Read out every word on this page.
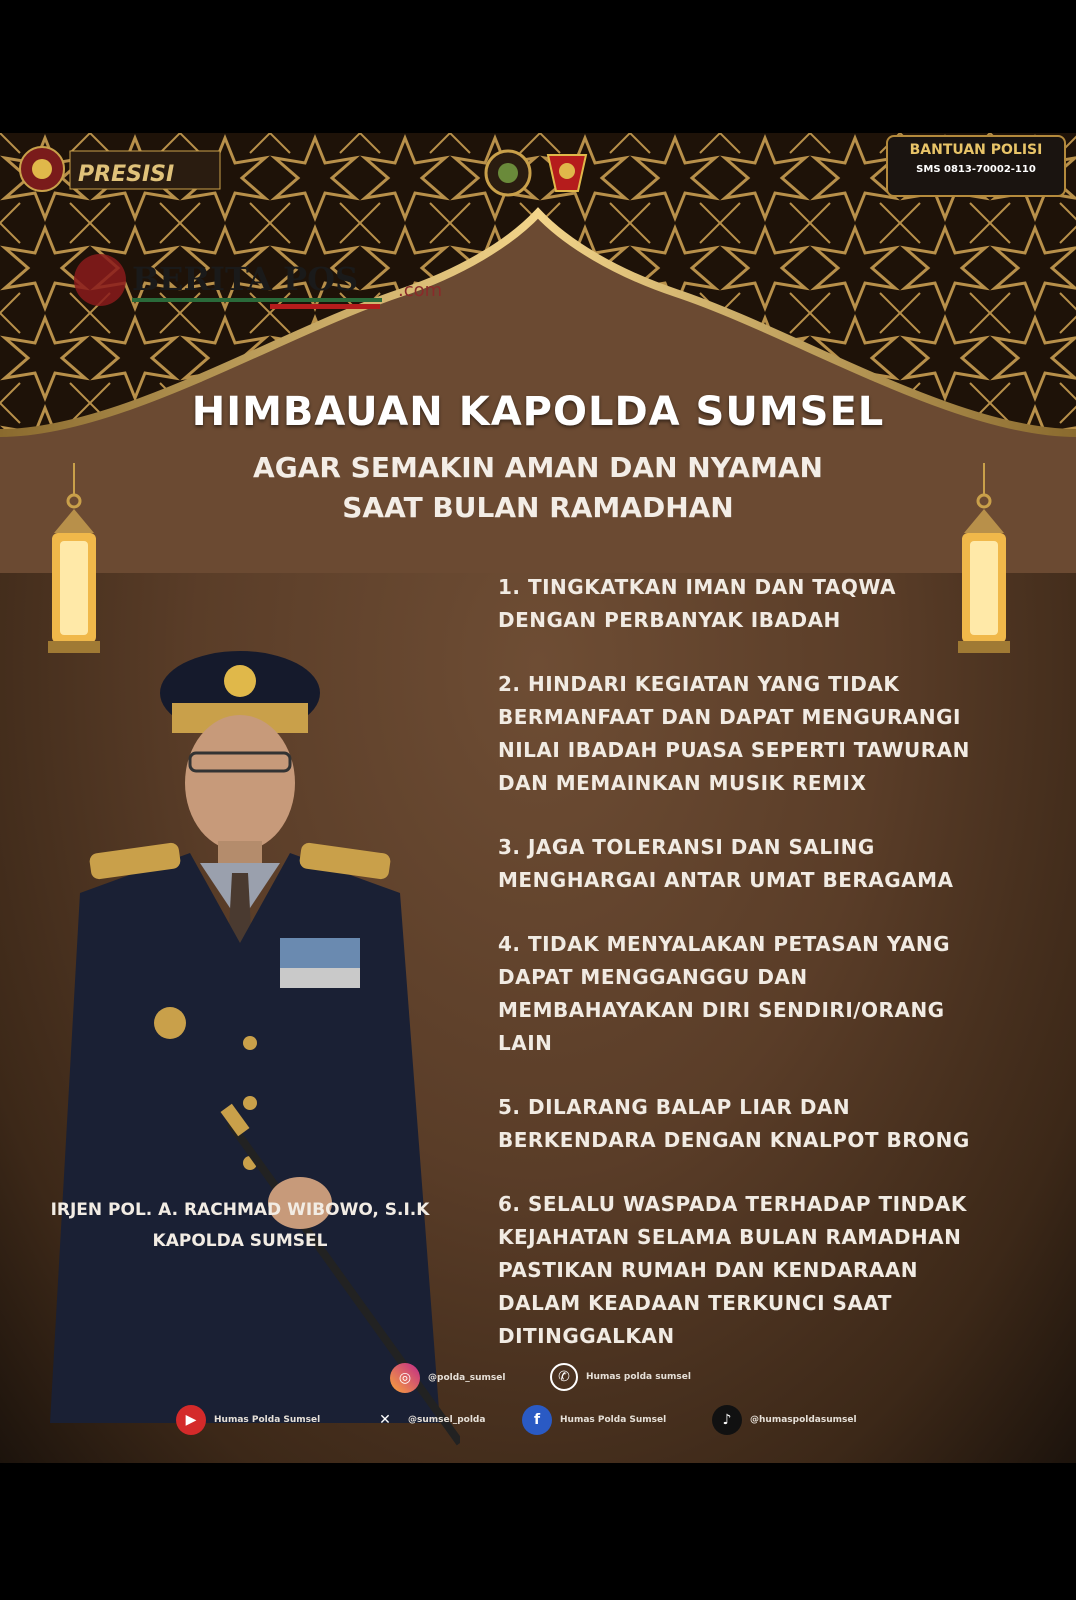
PRESISI
BANTUAN POLISI
SMS 0813-70002-110
BERITA POS .com
HIMBAUAN KAPOLDA SUMSEL
AGAR SEMAKIN AMAN DAN NYAMAN
SAAT BULAN RAMADHAN
IRJEN POL. A. RACHMAD WIBOWO, S.I.K
KAPOLDA SUMSEL
1. TINGKATKAN IMAN DAN TAQWA DENGAN PERBANYAK IBADAH
2. HINDARI KEGIATAN YANG TIDAK BERMANFAAT DAN DAPAT MENGURANGI NILAI IBADAH PUASA SEPERTI TAWURAN DAN MEMAINKAN MUSIK REMIX
3. JAGA TOLERANSI DAN SALING MENGHARGAI ANTAR UMAT BERAGAMA
4. TIDAK MENYALAKAN PETASAN YANG DAPAT MENGGANGGU DAN MEMBAHAYAKAN DIRI SENDIRI/ORANG LAIN
5. DILARANG BALAP LIAR DAN BERKENDARA DENGAN KNALPOT BRONG
6. SELALU WASPADA TERHADAP TINDAK KEJAHATAN SELAMA BULAN RAMADHAN PASTIKAN RUMAH DAN KENDARAAN DALAM KEADAAN TERKUNCI SAAT DITINGGALKAN
◎	@polda_sumsel	✆	Humas polda sumsel
▶	Humas Polda Sumsel	✕	@sumsel_polda	f	Humas Polda Sumsel	♪	@humaspoldasumsel
